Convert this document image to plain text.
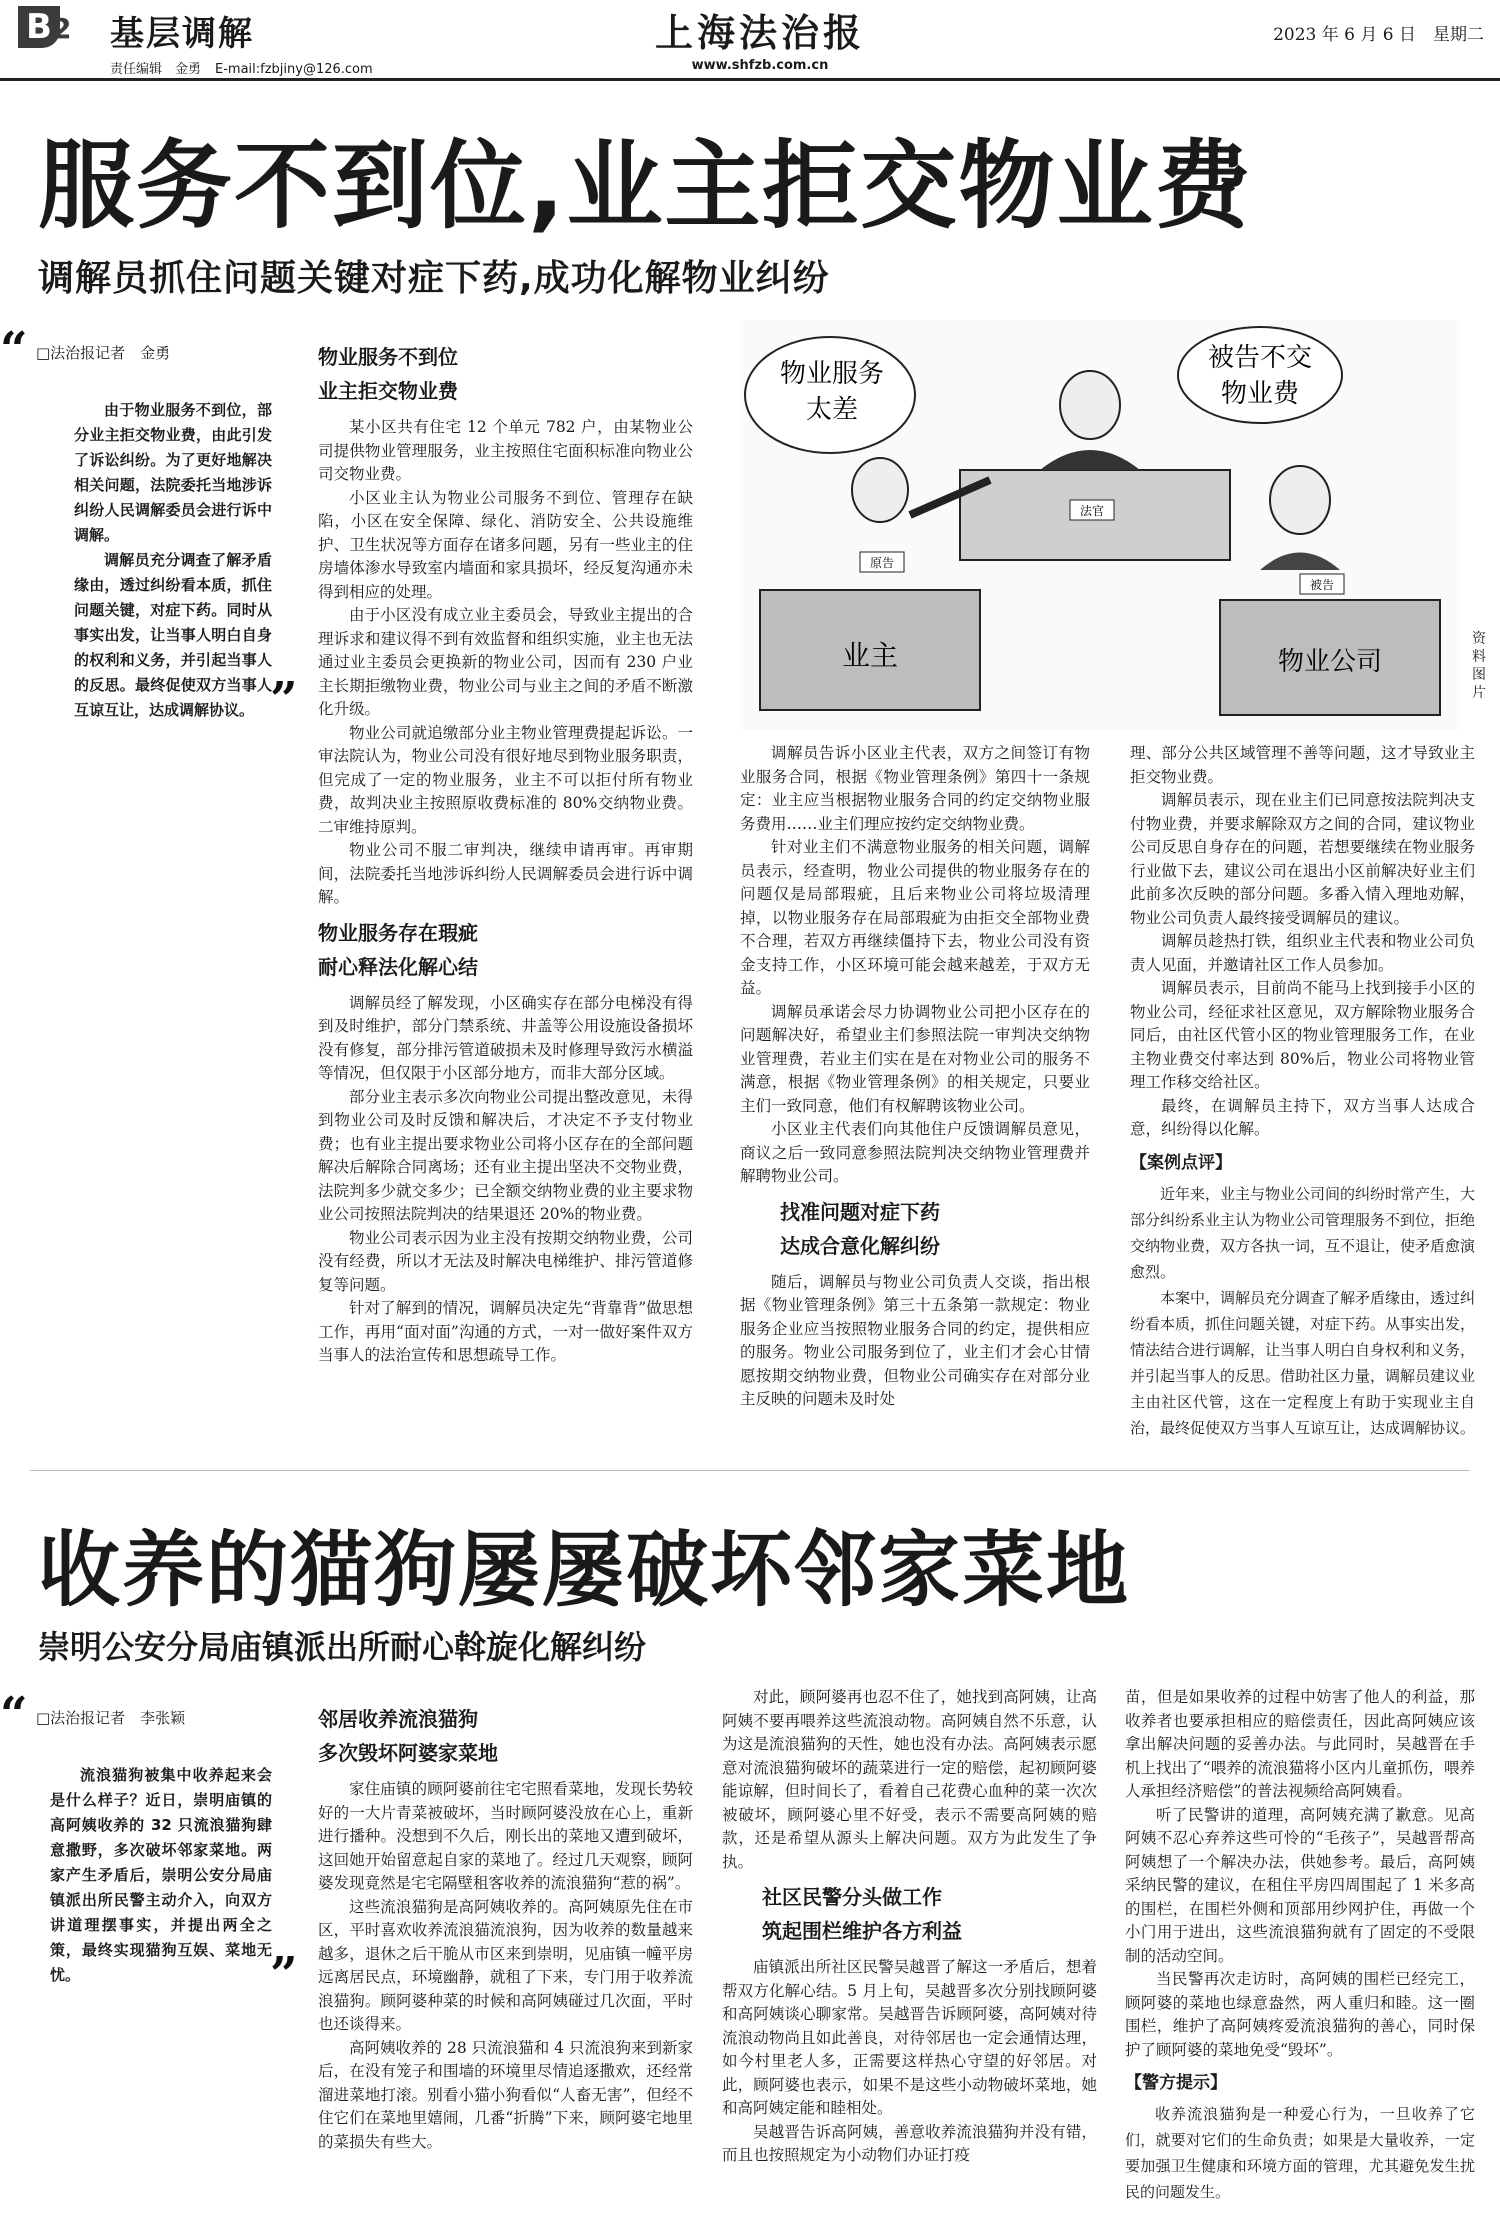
B 2 基层调解
责任编辑　金勇 E-mail:fzbjiny@126.com
上海法治报
www.shfzb.com.cn
2023 年 6 月 6 日　星期二
服务不到位,业主拒交物业费
调解员抓住问题关键对症下药,成功化解物业纠纷
“ □法治报记者　金勇

由于物业服务不到位，部分业主拒交物业费，由此引发了诉讼纠纷。为了更好地解决相关问题，法院委托当地涉诉纠纷人民调解委员会进行诉中调解。

调解员充分调查了解矛盾缘由，透过纠纷看本质，抓住问题关键，对症下药。同时从事实出发，让当事人明白自身的权利和义务，并引起当事人的反思。最终促使双方当事人互谅互让，达成调解协议。 ”
物业服务不到位
业主拒交物业费

某小区共有住宅 12 个单元 782 户，由某物业公司提供物业管理服务，业主按照住宅面积标准向物业公司交物业费。

小区业主认为物业公司服务不到位、管理存在缺陷，小区在安全保障、绿化、消防安全、公共设施维护、卫生状况等方面存在诸多问题，另有一些业主的住房墙体渗水导致室内墙面和家具损坏，经反复沟通亦未得到相应的处理。

由于小区没有成立业主委员会，导致业主提出的合理诉求和建议得不到有效监督和组织实施，业主也无法通过业主委员会更换新的物业公司，因而有 230 户业主长期拒缴物业费，物业公司与业主之间的矛盾不断激化升级。

物业公司就追缴部分业主物业管理费提起诉讼。一审法院认为，物业公司没有很好地尽到物业服务职责，但完成了一定的物业服务，业主不可以拒付所有物业费，故判决业主按照原收费标准的 80%交纳物业费。二审维持原判。

物业公司不服二审判决，继续申请再审。再审期间，法院委托当地涉诉纠纷人民调解委员会进行诉中调解。

物业服务存在瑕疵
耐心释法化解心结

调解员经了解发现，小区确实存在部分电梯没有得到及时维护，部分门禁系统、井盖等公用设施设备损坏没有修复，部分排污管道破损未及时修理导致污水横溢等情况，但仅限于小区部分地方，而非大部分区域。

部分业主表示多次向物业公司提出整改意见，未得到物业公司及时反馈和解决后，才决定不予支付物业费；也有业主提出要求物业公司将小区存在的全部问题解决后解除合同离场；还有业主提出坚决不交物业费，法院判多少就交多少；已全额交纳物业费的业主要求物业公司按照法院判决的结果退还 20%的物业费。

物业公司表示因为业主没有按期交纳物业费，公司没有经费，所以才无法及时解决电梯维护、排污管道修复等问题。

针对了解到的情况，调解员决定先“背靠背”做思想工作，再用“面对面”沟通的方式，一对一做好案件双方当事人的法治宣传和思想疏导工作。

物业服务
太差
被告不交
物业费
业主	物业公司
原告
法官
被告
资料图片

调解员告诉小区业主代表，双方之间签订有物业服务合同，根据《物业管理条例》第四十一条规定：业主应当根据物业服务合同的约定交纳物业服务费用……业主们理应按约定交纳物业费。

针对业主们不满意物业服务的相关问题，调解员表示，经查明，物业公司提供的物业服务存在的问题仅是局部瑕疵，且后来物业公司将垃圾清理掉，以物业服务存在局部瑕疵为由拒交全部物业费不合理，若双方再继续僵持下去，物业公司没有资金支持工作，小区环境可能会越来越差，于双方无益。

调解员承诺会尽力协调物业公司把小区存在的问题解决好，希望业主们参照法院一审判决交纳物业管理费，若业主们实在是在对物业公司的服务不满意，根据《物业管理条例》的相关规定，只要业主们一致同意，他们有权解聘该物业公司。

小区业主代表们向其他住户反馈调解员意见，商议之后一致同意参照法院判决交纳物业管理费并解聘物业公司。

找准问题对症下药
达成合意化解纠纷

随后，调解员与物业公司负责人交谈，指出根据《物业管理条例》第三十五条第一款规定：物业服务企业应当按照物业服务合同的约定，提供相应的服务。物业公司服务到位了，业主们才会心甘情愿按期交纳物业费，但物业公司确实存在对部分业主反映的问题未及时处

理、部分公共区域管理不善等问题，这才导致业主拒交物业费。

调解员表示，现在业主们已同意按法院判决支付物业费，并要求解除双方之间的合同，建议物业公司反思自身存在的问题，若想要继续在物业服务行业做下去，建议公司在退出小区前解决好业主们此前多次反映的部分问题。多番入情入理地劝解，物业公司负责人最终接受调解员的建议。

调解员趁热打铁，组织业主代表和物业公司负责人见面，并邀请社区工作人员参加。

调解员表示，目前尚不能马上找到接手小区的物业公司，经征求社区意见，双方解除物业服务合同后，由社区代管小区的物业管理服务工作，在业主物业费交付率达到 80%后，物业公司将物业管理工作移交给社区。

最终，在调解员主持下，双方当事人达成合意，纠纷得以化解。

【案例点评】

近年来，业主与物业公司间的纠纷时常产生，大部分纠纷系业主认为物业公司管理服务不到位，拒绝交纳物业费，双方各执一词，互不退让，使矛盾愈演愈烈。

本案中，调解员充分调查了解矛盾缘由，透过纠纷看本质，抓住问题关键，对症下药。从事实出发，情法结合进行调解，让当事人明白自身权利和义务，并引起当事人的反思。借助社区力量，调解员建议业主由社区代管，这在一定程度上有助于实现业主自治，最终促使双方当事人互谅互让，达成调解协议。

收养的猫狗屡屡破坏邻家菜地
崇明公安分局庙镇派出所耐心斡旋化解纠纷
“ □法治报记者　李张颖

流浪猫狗被集中收养起来会是什么样子？近日，崇明庙镇的高阿姨收养的 32 只流浪猫狗肆意撒野，多次破坏邻家菜地。两家产生矛盾后，崇明公安分局庙镇派出所民警主动介入，向双方讲道理摆事实，并提出两全之策，最终实现猫狗互娱、菜地无忧。	”
邻居收养流浪猫狗
多次毁坏阿婆家菜地

家住庙镇的顾阿婆前往宅宅照看菜地，发现长势较好的一大片青菜被破坏，当时顾阿婆没放在心上，重新进行播种。没想到不久后，刚长出的菜地又遭到破坏，这回她开始留意起自家的菜地了。经过几天观察，顾阿婆发现竟然是宅宅隔壁租客收养的流浪猫狗“惹的祸”。

这些流浪猫狗是高阿姨收养的。高阿姨原先住在市区，平时喜欢收养流浪猫流浪狗，因为收养的数量越来越多，退休之后干脆从市区来到崇明，见庙镇一幢平房远离居民点，环境幽静，就租了下来，专门用于收养流浪猫狗。顾阿婆种菜的时候和高阿姨碰过几次面，平时也还谈得来。

高阿姨收养的 28 只流浪猫和 4 只流浪狗来到新家后，在没有笼子和围墙的环境里尽情追逐撒欢，还经常溜进菜地打滚。别看小猫小狗看似“人畜无害”，但经不住它们在菜地里嬉闹，几番“折腾”下来，顾阿婆宅地里的菜损失有些大。

对此，顾阿婆再也忍不住了，她找到高阿姨，让高阿姨不要再喂养这些流浪动物。高阿姨自然不乐意，认为这是流浪猫狗的天性，她也没有办法。高阿姨表示愿意对流浪猫狗破坏的蔬菜进行一定的赔偿，起初顾阿婆能谅解，但时间长了，看着自己花费心血种的菜一次次被破坏，顾阿婆心里不好受，表示不需要高阿姨的赔款，还是希望从源头上解决问题。双方为此发生了争执。

社区民警分头做工作
筑起围栏维护各方利益

庙镇派出所社区民警吴越晋了解这一矛盾后，想着帮双方化解心结。5 月上旬，吴越晋多次分别找顾阿婆和高阿姨谈心聊家常。吴越晋告诉顾阿婆，高阿姨对待流浪动物尚且如此善良，对待邻居也一定会通情达理，如今村里老人多，正需要这样热心守望的好邻居。对此，顾阿婆也表示，如果不是这些小动物破坏菜地，她和高阿姨定能和睦相处。

吴越晋告诉高阿姨，善意收养流浪猫狗并没有错，而且也按照规定为小动物们办证打疫

苗，但是如果收养的过程中妨害了他人的利益，那收养者也要承担相应的赔偿责任，因此高阿姨应该拿出解决问题的妥善办法。与此同时，吴越晋在手机上找出了“喂养的流浪猫将小区内儿童抓伤，喂养人承担经济赔偿”的普法视频给高阿姨看。

听了民警讲的道理，高阿姨充满了歉意。见高阿姨不忍心弃养这些可怜的“毛孩子”，吴越晋帮高阿姨想了一个解决办法，供她参考。最后，高阿姨采纳民警的建议，在租住平房四周围起了 1 米多高的围栏，在围栏外侧和顶部用纱网护住，再做一个小门用于进出，这些流浪猫狗就有了固定的不受限制的活动空间。

当民警再次走访时，高阿姨的围栏已经完工，顾阿婆的菜地也绿意盎然，两人重归和睦。这一圈围栏，维护了高阿姨疼爱流浪猫狗的善心，同时保护了顾阿婆的菜地免受“毁坏”。

【警方提示】

收养流浪猫狗是一种爱心行为，一旦收养了它们，就要对它们的生命负责；如果是大量收养，一定要加强卫生健康和环境方面的管理，尤其避免发生扰民的问题发生。
